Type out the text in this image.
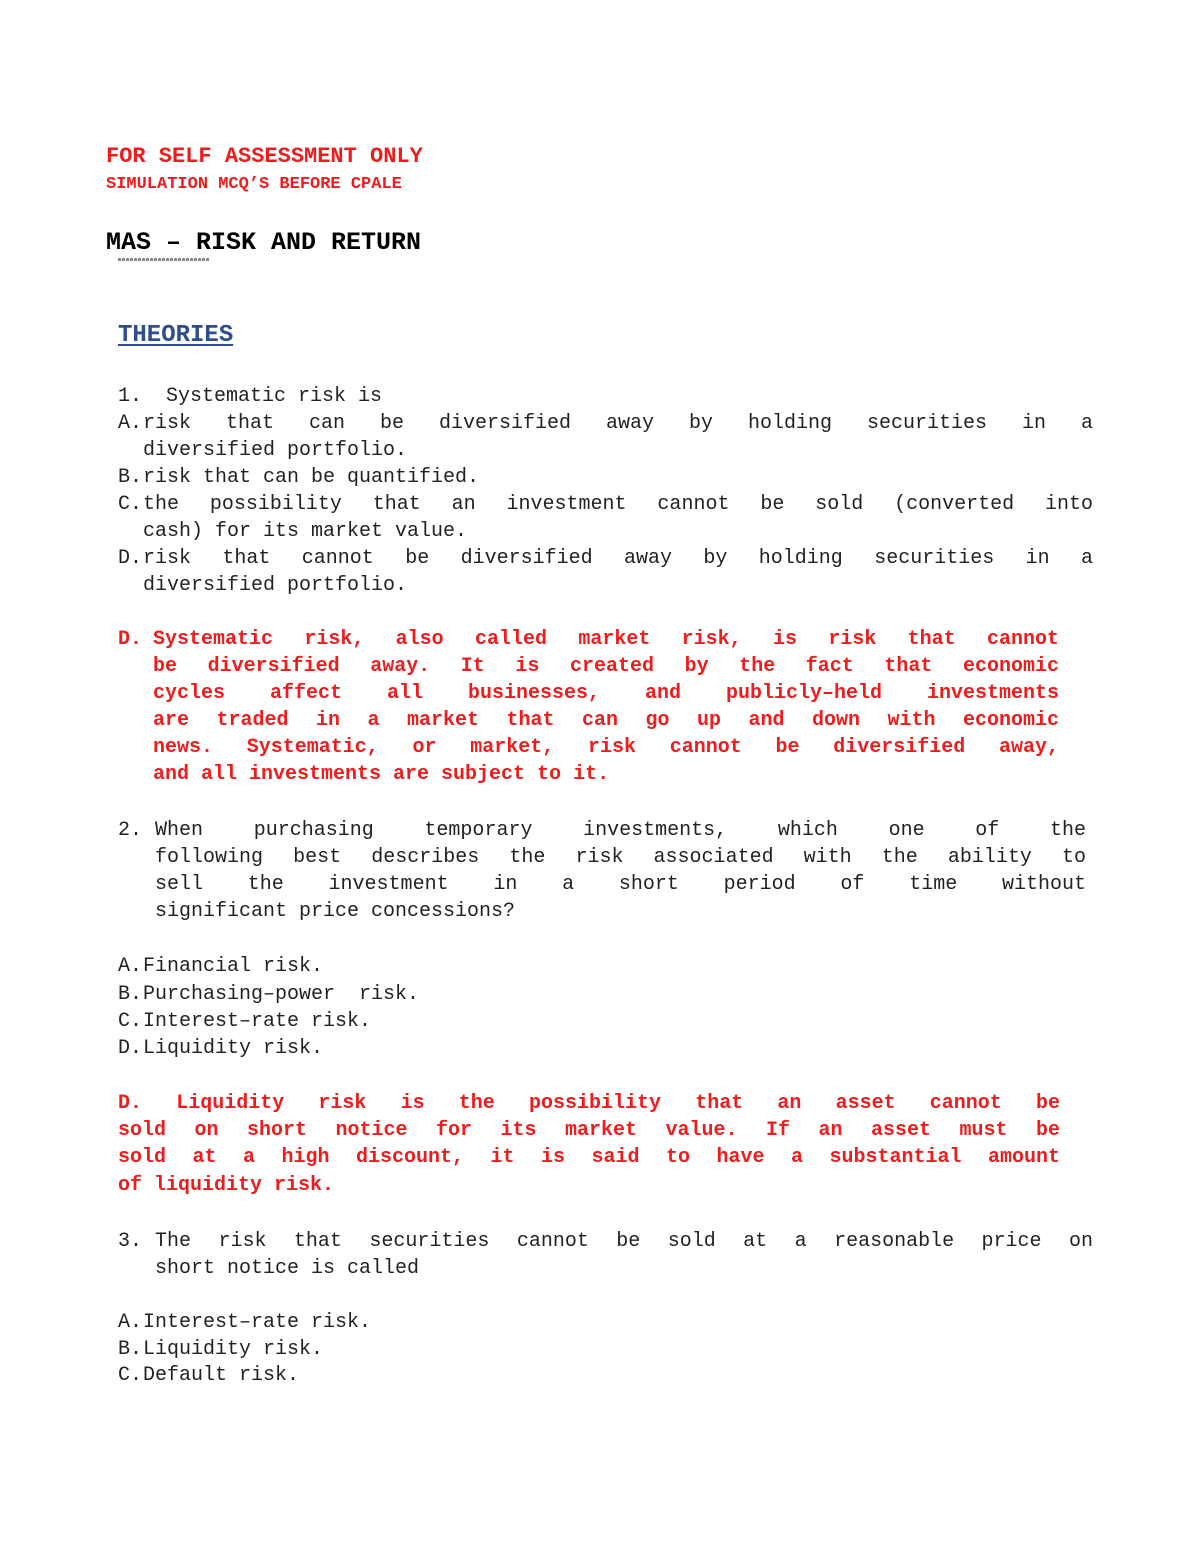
FOR SELF ASSESSMENT ONLY
SIMULATION MCQ’S BEFORE CPALE
MAS – RISK AND RETURN
THEORIES
1.  Systematic risk is
A. risk that can be diversified away by holding securities in a
diversified portfolio.
B. risk that can be quantified.
C. the possibility that an investment cannot be sold (converted into
cash) for its market value.
D. risk that cannot be diversified away by holding securities in a
diversified portfolio.
D. Systematic risk, also called market risk, is risk that cannot
be diversified away. It is created by the fact that economic
cycles affect all businesses, and publicly–held investments
are traded in a market that can go up and down with economic
news. Systematic, or market, risk cannot be diversified away,
and all investments are subject to it.
2. When purchasing temporary investments, which one of the
following best describes the risk associated with the ability to
sell the investment in a short period of time without
significant price concessions?
A. Financial risk.
B. Purchasing–power  risk.
C. Interest–rate risk.
D. Liquidity risk.
D. Liquidity risk is the possibility that an asset cannot be
sold on short notice for its market value. If an asset must be
sold at a high discount, it is said to have a substantial amount
of liquidity risk.
3. The risk that securities cannot be sold at a reasonable price on
short notice is called
A. Interest–rate risk.
B. Liquidity risk.
C. Default risk.
